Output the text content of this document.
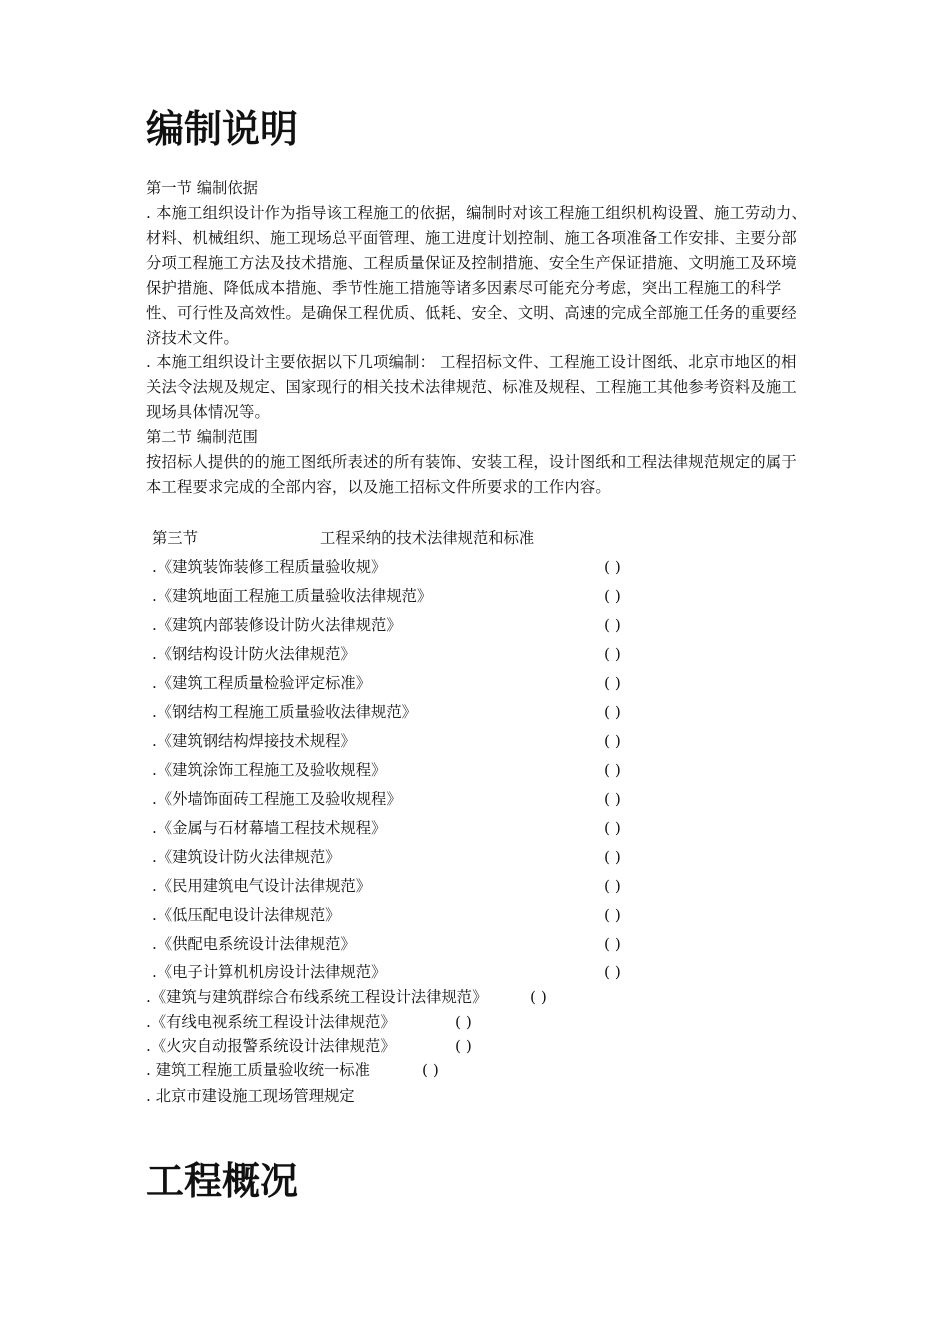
编制说明
第一节 编制依据

. 本施工组织设计作为指导该工程施工的依据，编制时对该工程施工组织机构设置、施工劳动力、材料、机械组织、施工现场总平面管理、施工进度计划控制、施工各项准备工作安排、主要分部分项工程施工方法及技术措施、工程质量保证及控制措施、安全生产保证措施、文明施工及环境保护措施、降低成本措施、季节性施工措施等诸多因素尽可能充分考虑，突出工程施工的科学性、可行性及高效性。是确保工程优质、低耗、安全、文明、高速的完成全部施工任务的重要经济技术文件。

. 本施工组织设计主要依据以下几项编制： 工程招标文件、工程施工设计图纸、北京市地区的相关法令法规及规定、国家现行的相关技术法律规范、标准及规程、工程施工其他参考资料及施工现场具体情况等。

第二节 编制范围

按招标人提供的的施工图纸所表述的所有装饰、安装工程，设计图纸和工程法律规范规定的属于本工程要求完成的全部内容，以及施工招标文件所要求的工作内容。

第三节	工程采纳的技术法律规范和标准
.《建筑装饰装修工程质量验收规》	( )
.《建筑地面工程施工质量验收法律规范》	( )
.《建筑内部装修设计防火法律规范》	( )
.《钢结构设计防火法律规范》	( )
.《建筑工程质量检验评定标准》	( )
.《钢结构工程施工质量验收法律规范》	( )
.《建筑钢结构焊接技术规程》	( )
.《建筑涂饰工程施工及验收规程》	( )
.《外墙饰面砖工程施工及验收规程》	( )
.《金属与石材幕墙工程技术规程》	( )
.《建筑设计防火法律规范》	( )
.《民用建筑电气设计法律规范》	( )
.《低压配电设计法律规范》	( )
.《供配电系统设计法律规范》	( )
.《电子计算机机房设计法律规范》	( )
.《建筑与建筑群综合布线系统工程设计法律规范》	( )
.《有线电视系统工程设计法律规范》	( )
.《火灾自动报警系统设计法律规范》	( )
. 建筑工程施工质量验收统一标准	( )
. 北京市建设施工现场管理规定
工程概况
